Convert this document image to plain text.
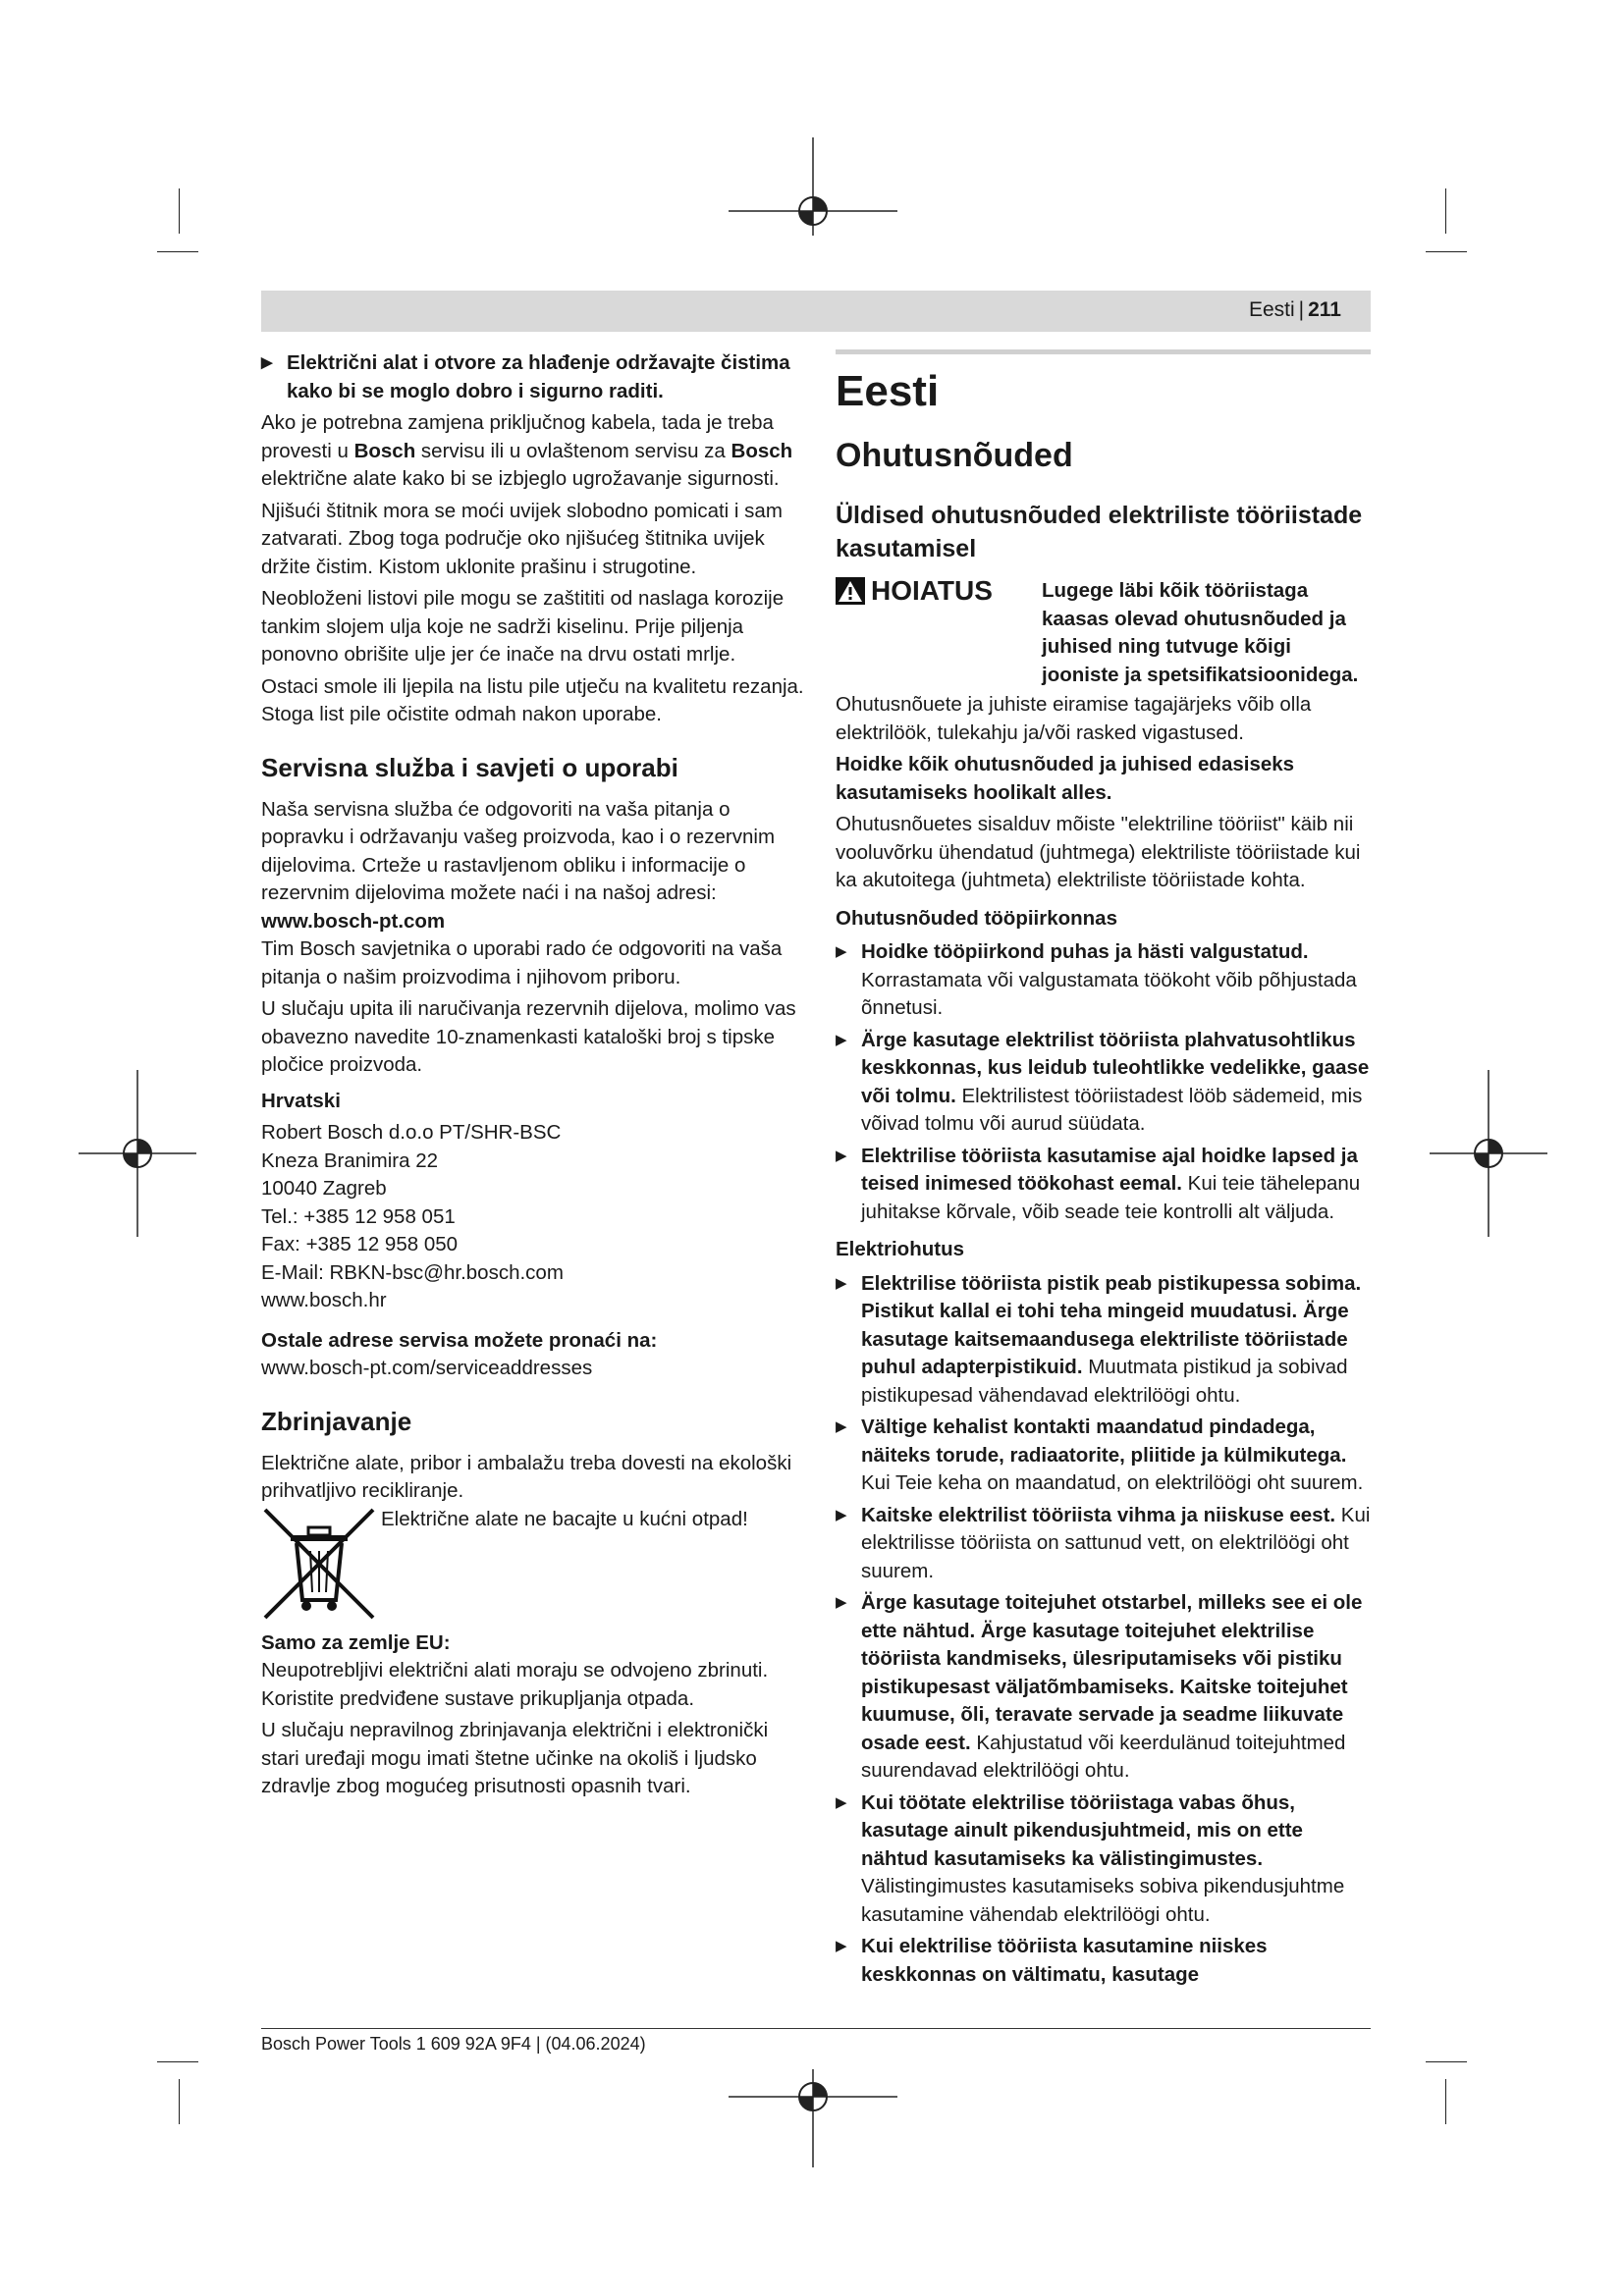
Eesti | 211
▶ Električni alat i otvore za hlađenje održavajte čistima kako bi se moglo dobro i sigurno raditi.

Ako je potrebna zamjena priključnog kabela, tada je treba provesti u Bosch servisu ili u ovlaštenom servisu za Bosch električne alate kako bi se izbjeglo ugrožavanje sigurnosti.

Njišući štitnik mora se moći uvijek slobodno pomicati i sam zatvarati. Zbog toga područje oko njišućeg štitnika uvijek držite čistim. Kistom uklonite prašinu i strugotine.

Neobloženi listovi pile mogu se zaštititi od naslaga korozije tankim slojem ulja koje ne sadrži kiselinu. Prije piljenja ponovno obrišite ulje jer će inače na drvu ostati mrlje.

Ostaci smole ili ljepila na listu pile utječu na kvalitetu rezanja. Stoga list pile očistite odmah nakon uporabe.

Servisna služba i savjeti o uporabi

Naša servisna služba će odgovoriti na vaša pitanja o popravku i održavanju vašeg proizvoda, kao i o rezervnim dijelovima. Crteže u rastavljenom obliku i informacije o rezervnim dijelovima možete naći i na našoj adresi:

www.bosch-pt.com

Tim Bosch savjetnika o uporabi rado će odgovoriti na vaša pitanja o našim proizvodima i njihovom priboru.

U slučaju upita ili naručivanja rezervnih dijelova, molimo vas obavezno navedite 10-znamenkasti kataloški broj s tipske pločice proizvoda.

Hrvatski

Robert Bosch d.o.o PT/SHR-BSC

Kneza Branimira 22

10040 Zagreb

Tel.: +385 12 958 051

Fax: +385 12 958 050

E-Mail: RBKN-bsc@hr.bosch.com

www.bosch.hr

Ostale adrese servisa možete pronaći na:

www.bosch-pt.com/serviceaddresses

Zbrinjavanje

Električne alate, pribor i ambalažu treba dovesti na ekološki prihvatljivo recikliranje.

Električne alate ne bacajte u kućni otpad!

Samo za zemlje EU:

Neupotrebljivi električni alati moraju se odvojeno zbrinuti. Koristite predviđene sustave prikupljanja otpada.

U slučaju nepravilnog zbrinjavanja električni i elektronički stari uređaji mogu imati štetne učinke na okoliš i ljudsko zdravlje zbog mogućeg prisutnosti opasnih tvari.

Eesti
Ohutusnõuded
Üldised ohutusnõuded elektriliste tööriistade kasutamisel
HOIATUS Lugege läbi kõik tööriistaga kaasas olevad ohutusnõuded ja juhised ning tutvuge kõigi jooniste ja spetsifikatsioonidega.

Ohutusnõuete ja juhiste eiramise tagajärjeks võib olla elektrilöök, tulekahju ja/või rasked vigastused.

Hoidke kõik ohutusnõuded ja juhised edasiseks kasutamiseks hoolikalt alles.

Ohutusnõuetes sisalduv mõiste "elektriline tööriist" käib nii vooluvõrku ühendatud (juhtmega) elektriliste tööriistade kui ka akutoitega (juhtmeta) elektriliste tööriistade kohta.

Ohutusnõuded tööpiirkonnas

▶ Hoidke tööpiirkond puhas ja hästi valgustatud. Korrastamata või valgustamata töökoht võib põhjustada õnnetusi.
▶ Ärge kasutage elektrilist tööriista plahvatusohtlikus keskkonnas, kus leidub tuleohtlikke vedelikke, gaase või tolmu. Elektrilistest tööriistadest lööb sädemeid, mis võivad tolmu või aurud süüdata.
▶ Elektrilise tööriista kasutamise ajal hoidke lapsed ja teised inimesed töökohast eemal. Kui teie tähelepanu juhitakse kõrvale, võib seade teie kontrolli alt väljuda.

Elektriohutus

▶ Elektrilise tööriista pistik peab pistikupessa sobima. Pistikut kallal ei tohi teha mingeid muudatusi. Ärge kasutage kaitsemaandusega elektriliste tööriistade puhul adapterpistikuid. Muutmata pistikud ja sobivad pistikupesad vähendavad elektrilöögi ohtu.
▶ Vältige kehalist kontakti maandatud pindadega, näiteks torude, radiaatorite, pliitide ja külmikutega. Kui Teie keha on maandatud, on elektrilöögi oht suurem.
▶ Kaitske elektrilist tööriista vihma ja niiskuse eest. Kui elektrilisse tööriista on sattunud vett, on elektrilöögi oht suurem.
▶ Ärge kasutage toitejuhet otstarbel, milleks see ei ole ette nähtud. Ärge kasutage toitejuhet elektrilise tööriista kandmiseks, ülesriputamiseks või pistiku pistikupesast väljatõmbamiseks. Kaitske toitejuhet kuumuse, õli, teravate servade ja seadme liikuvate osade eest. Kahjustatud või keerdulänud toitejuhtmed suurendavad elektrilöögi ohtu.
▶ Kui töötate elektrilise tööriistaga vabas õhus, kasutage ainult pikendusjuhtmeid, mis on ette nähtud kasutamiseks ka välistingimustes. Välistingimustes kasutamiseks sobiva pikendusjuhtme kasutamine vähendab elektrilöögi ohtu.
▶ Kui elektrilise tööriista kasutamine niiskes keskkonnas on vältimatu, kasutage
Bosch Power Tools 1 609 92A 9F4 | (04.06.2024)
